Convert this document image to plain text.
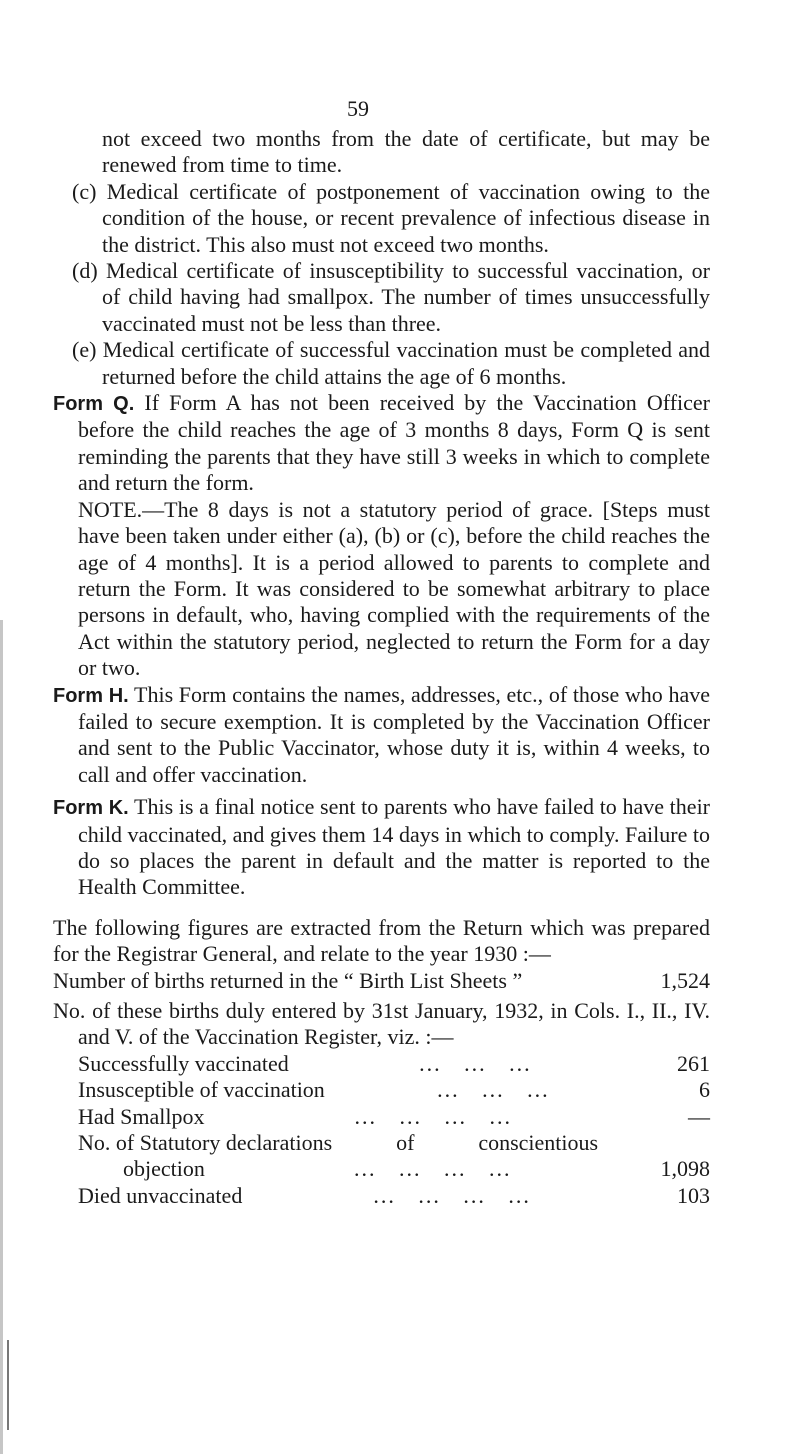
59

not exceed two months from the date of certificate, but may be renewed from time to time.

(c) Medical certificate of postponement of vaccination owing to the condition of the house, or recent prevalence of infectious disease in the district. This also must not exceed two months.

(d) Medical certificate of insusceptibility to successful vaccination, or of child having had smallpox. The number of times unsuccessfully vaccinated must not be less than three.

(e) Medical certificate of successful vaccination must be completed and returned before the child attains the age of 6 months.

Form Q. If Form A has not been received by the Vaccination Officer before the child reaches the age of 3 months 8 days, Form Q is sent reminding the parents that they have still 3 weeks in which to complete and return the form.

NOTE.—The 8 days is not a statutory period of grace. [Steps must have been taken under either (a), (b) or (c), before the child reaches the age of 4 months]. It is a period allowed to parents to complete and return the Form. It was considered to be somewhat arbitrary to place persons in default, who, having complied with the requirements of the Act within the statutory period, neglected to return the Form for a day or two.

Form H. This Form contains the names, addresses, etc., of those who have failed to secure exemption. It is completed by the Vaccination Officer and sent to the Public Vaccinator, whose duty it is, within 4 weeks, to call and offer vaccination.

Form K. This is a final notice sent to parents who have failed to have their child vaccinated, and gives them 14 days in which to comply. Failure to do so places the parent in default and the matter is reported to the Health Committee.

The following figures are extracted from the Return which was prepared for the Registrar General, and relate to the year 1930 :—

Number of births returned in the “ Birth List Sheets ”	1,524

No. of these births duly entered by 31st January, 1932, in Cols. I., II., IV. and V. of the Vaccination Register, viz. :—

Successfully vaccinated	... ... ...	261
Insusceptible of vaccination	... ... ...	6
Had Smallpox	... ... ... ...	—
No. of Statutory declarations	of	conscientious
objection	... ... ... ...	1,098
Died unvaccinated	... ... ... ...	103
